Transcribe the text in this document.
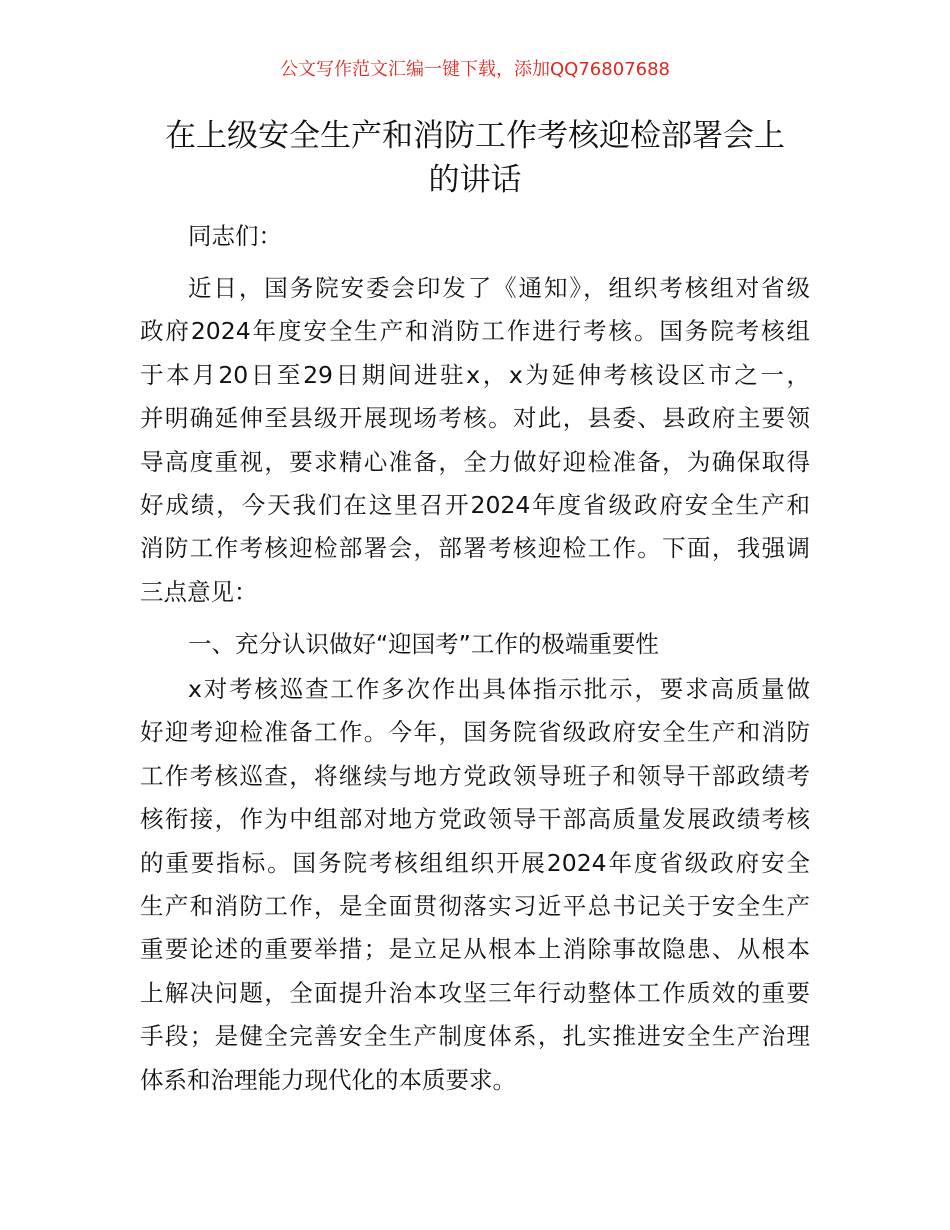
公文写作范文汇编一键下载，添加QQ76807688
在上级安全生产和消防工作考核迎检部署会上
的讲话
同志们：
近日，国务院安委会印发了《通知》，组织考核组对省级
政府2024年度安全生产和消防工作进行考核。国务院考核组
于本月20日至29日期间进驻x，x为延伸考核设区市之一，
并明确延伸至县级开展现场考核。对此，县委、县政府主要领
导高度重视，要求精心准备，全力做好迎检准备，为确保取得
好成绩，今天我们在这里召开2024年度省级政府安全生产和
消防工作考核迎检部署会，部署考核迎检工作。下面，我强调
三点意见：
一、充分认识做好“迎国考”工作的极端重要性
x对考核巡查工作多次作出具体指示批示，要求高质量做
好迎考迎检准备工作。今年，国务院省级政府安全生产和消防
工作考核巡查，将继续与地方党政领导班子和领导干部政绩考
核衔接，作为中组部对地方党政领导干部高质量发展政绩考核
的重要指标。国务院考核组组织开展2024年度省级政府安全
生产和消防工作，是全面贯彻落实习近平总书记关于安全生产
重要论述的重要举措；是立足从根本上消除事故隐患、从根本
上解决问题，全面提升治本攻坚三年行动整体工作质效的重要
手段；是健全完善安全生产制度体系，扎实推进安全生产治理
体系和治理能力现代化的本质要求。
